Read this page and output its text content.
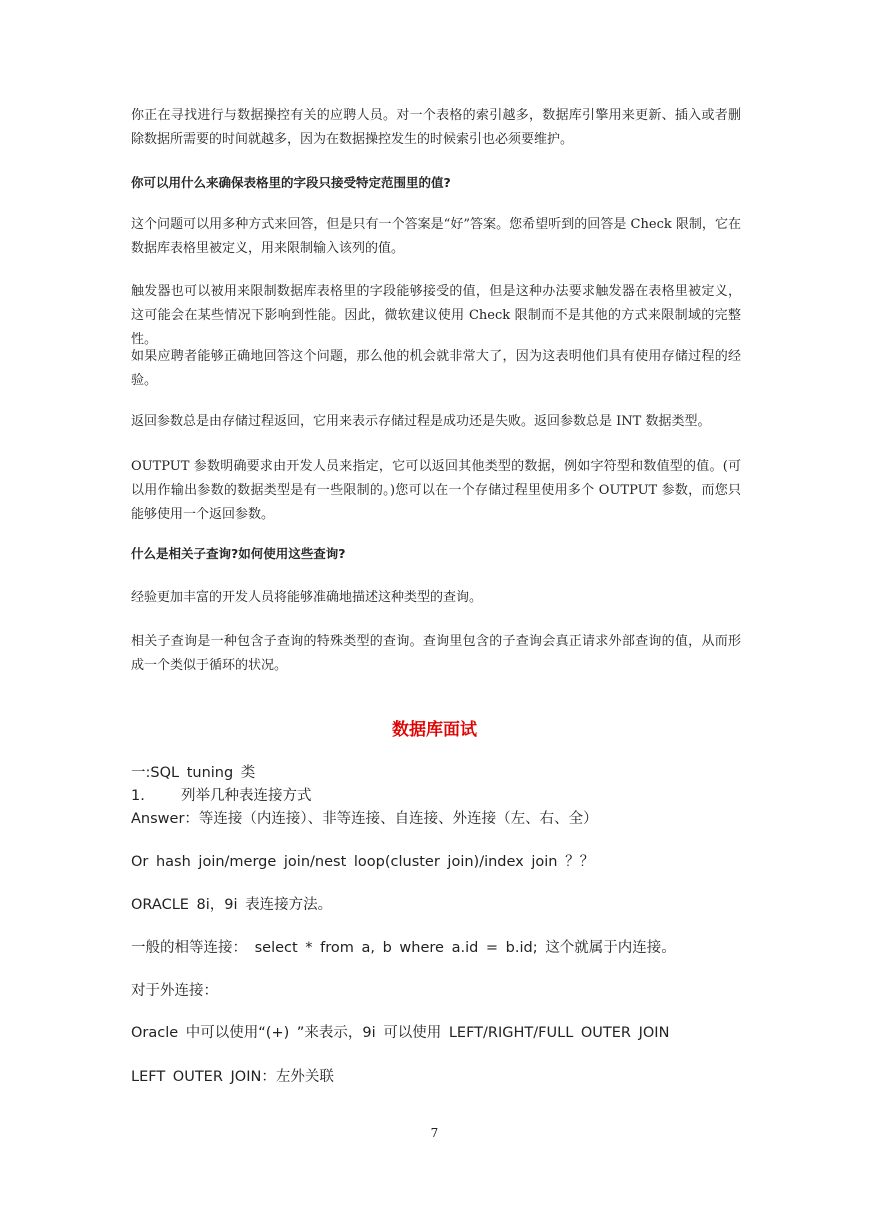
你正在寻找进行与数据操控有关的应聘人员。对一个表格的索引越多，数据库引擎用来更新、插入或者删除数据所需要的时间就越多，因为在数据操控发生的时候索引也必须要维护。

你可以用什么来确保表格里的字段只接受特定范围里的值?

这个问题可以用多种方式来回答，但是只有一个答案是“好”答案。您希望听到的回答是 Check 限制，它在数据库表格里被定义，用来限制输入该列的值。

触发器也可以被用来限制数据库表格里的字段能够接受的值，但是这种办法要求触发器在表格里被定义，这可能会在某些情况下影响到性能。因此，微软建议使用 Check 限制而不是其他的方式来限制域的完整性。

如果应聘者能够正确地回答这个问题，那么他的机会就非常大了，因为这表明他们具有使用存储过程的经验。

返回参数总是由存储过程返回，它用来表示存储过程是成功还是失败。返回参数总是 INT 数据类型。

OUTPUT 参数明确要求由开发人员来指定，它可以返回其他类型的数据，例如字符型和数值型的值。(可以用作输出参数的数据类型是有一些限制的。)您可以在一个存储过程里使用多个 OUTPUT 参数，而您只能够使用一个返回参数。

什么是相关子查询?如何使用这些查询?

经验更加丰富的开发人员将能够准确地描述这种类型的查询。

相关子查询是一种包含子查询的特殊类型的查询。查询里包含的子查询会真正请求外部查询的值，从而形成一个类似于循环的状况。

数据库面试

一:SQL tuning 类

1. 列举几种表连接方式

Answer：等连接（内连接）、非等连接、自连接、外连接（左、右、全）

Or hash join/merge join/nest loop(cluster join)/index join ？？

ORACLE 8i，9i 表连接方法。

一般的相等连接： select * from a, b where a.id = b.id; 这个就属于内连接。

对于外连接：

Oracle 中可以使用“(+) ”来表示，9i 可以使用 LEFT/RIGHT/FULL OUTER JOIN

LEFT OUTER JOIN：左外关联

7
